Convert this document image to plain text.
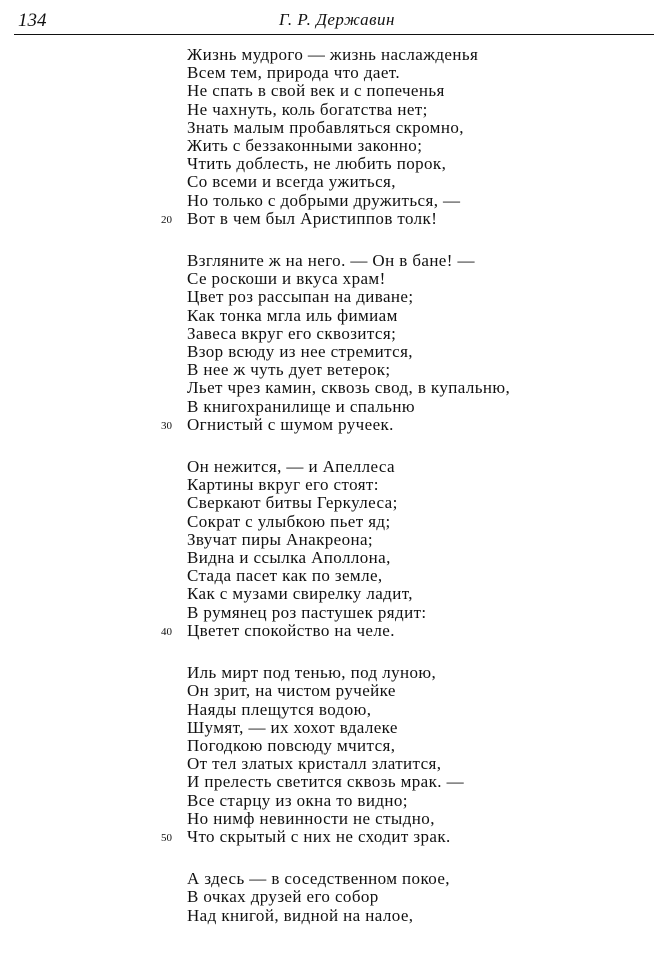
134	Г. Р. Державин
Жизнь мудрого — жизнь наслажденья
Всем тем, природа что дает.
Не спать в свой век и с попеченья
Не чахнуть, коль богатства нет;
Знать малым пробавляться скромно,
Жить с беззаконными законно;
Чтить доблесть, не любить порок,
Со всеми и всегда ужиться,
Но только с добрыми дружиться, —
Вот в чем был Аристиппов толк!
20
Взгляните ж на него. — Он в бане! —
Се роскоши и вкуса храм!
Цвет роз рассыпан на диване;
Как тонка мгла иль фимиам
Завеса вкруг его сквозится;
Взор всюду из нее стремится,
В нее ж чуть дует ветерок;
Льет чрез камин, сквозь свод, в купальню,
В книгохранилище и спальню
Огнистый с шумом ручеек.
30
Он нежится, — и Апеллеса
Картины вкруг его стоят:
Сверкают битвы Геркулеса;
Сократ с улыбкою пьет яд;
Звучат пиры Анакреона;
Видна и ссылка Аполлона,
Стада пасет как по земле,
Как с музами свирелку ладит,
В румянец роз пастушек рядит:
Цветет спокойство на челе.
40
Иль мирт под тенью, под луною,
Он зрит, на чистом ручейке
Наяды плещутся водою,
Шумят, — их хохот вдалеке
Погодкою повсюду мчится,
От тел златых кристалл златится,
И прелесть светится сквозь мрак. —
Все старцу из окна то видно;
Но нимф невинности не стыдно,
Что скрытый с них не сходит зрак.
50
А здесь — в соседственном покое,
В очках друзей его собор
Над книгой, видной на налое,
